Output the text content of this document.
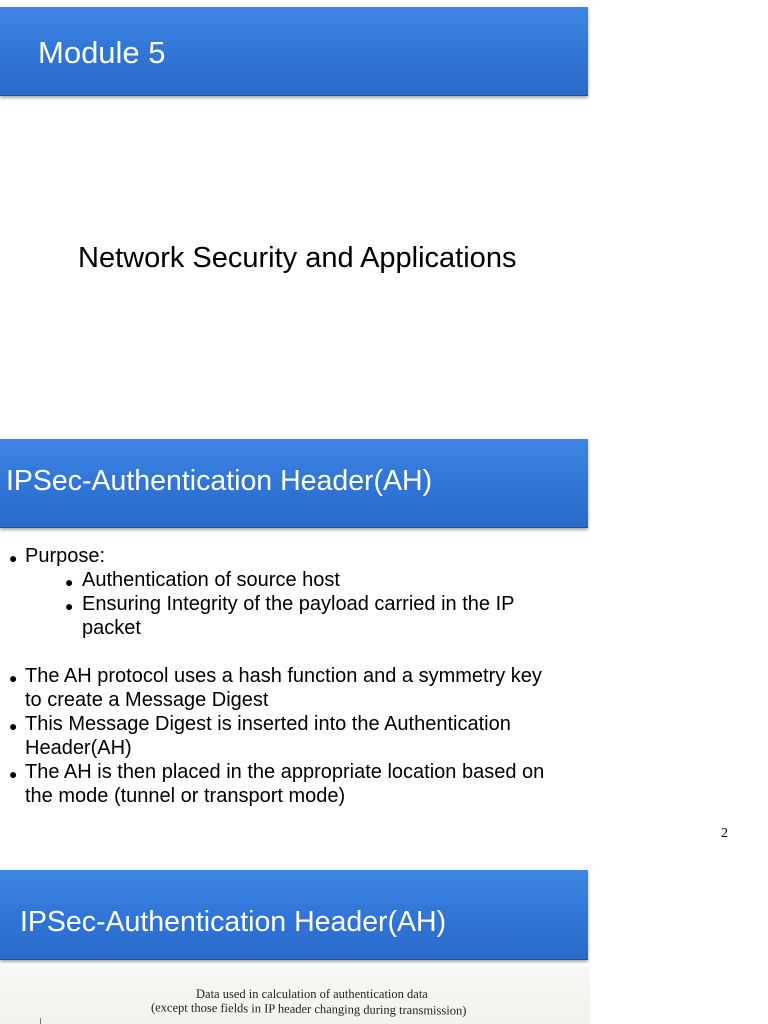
Module 5
Network Security and Applications
IPSec-Authentication Header(AH)
● Purpose:
● Authentication of source host
● Ensuring Integrity of the payload carried in the IP
packet
● The AH protocol uses a hash function and a symmetry key
to create a Message Digest
● This Message Digest is inserted into the Authentication
Header(AH)
● The AH is then placed in the appropriate location based on
the mode (tunnel or transport mode)
2
IPSec-Authentication Header(AH)
Data used in calculation of authentication data
(except those fields in IP header changing during transmission)
